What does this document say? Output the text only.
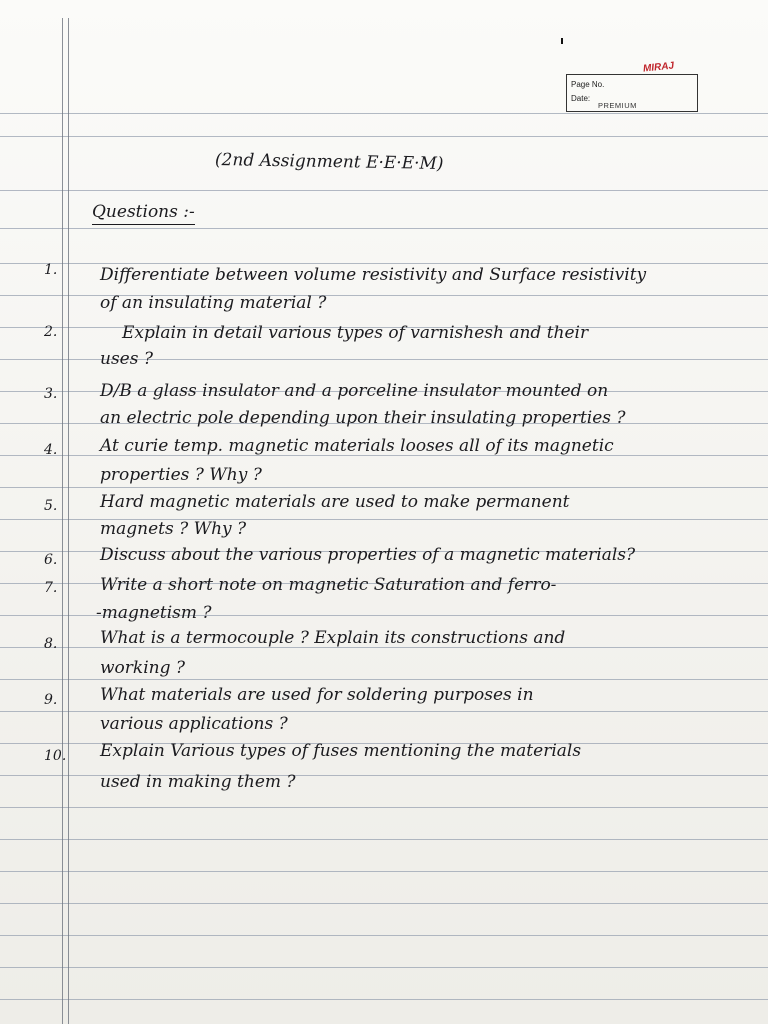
MIRAJ
Page No.
Date:
PREMIUM
(2nd Assignment E·E·E·M)
Questions :-
1.	Differentiate between volume resistivity and Surface resistivity
of an insulating material ?
2.	Explain in detail various types of varnishesh and their
uses ?
3.	D/B a glass insulator and a porceline insulator mounted on
an electric pole depending upon their insulating properties ?
4.	At curie temp. magnetic materials looses all of its magnetic
properties ? Why ?
5.	Hard magnetic materials are used to make permanent
magnets ? Why ?
6.	Discuss about the various properties of a magnetic materials?
7.	Write a short note on magnetic Saturation and ferro-
-magnetism ?
8.	What is a termocouple ? Explain its constructions and
working ?
9.	What materials are used for soldering purposes in
various applications ?
10. Explain Various types of fuses mentioning the materials
used in making them ?
